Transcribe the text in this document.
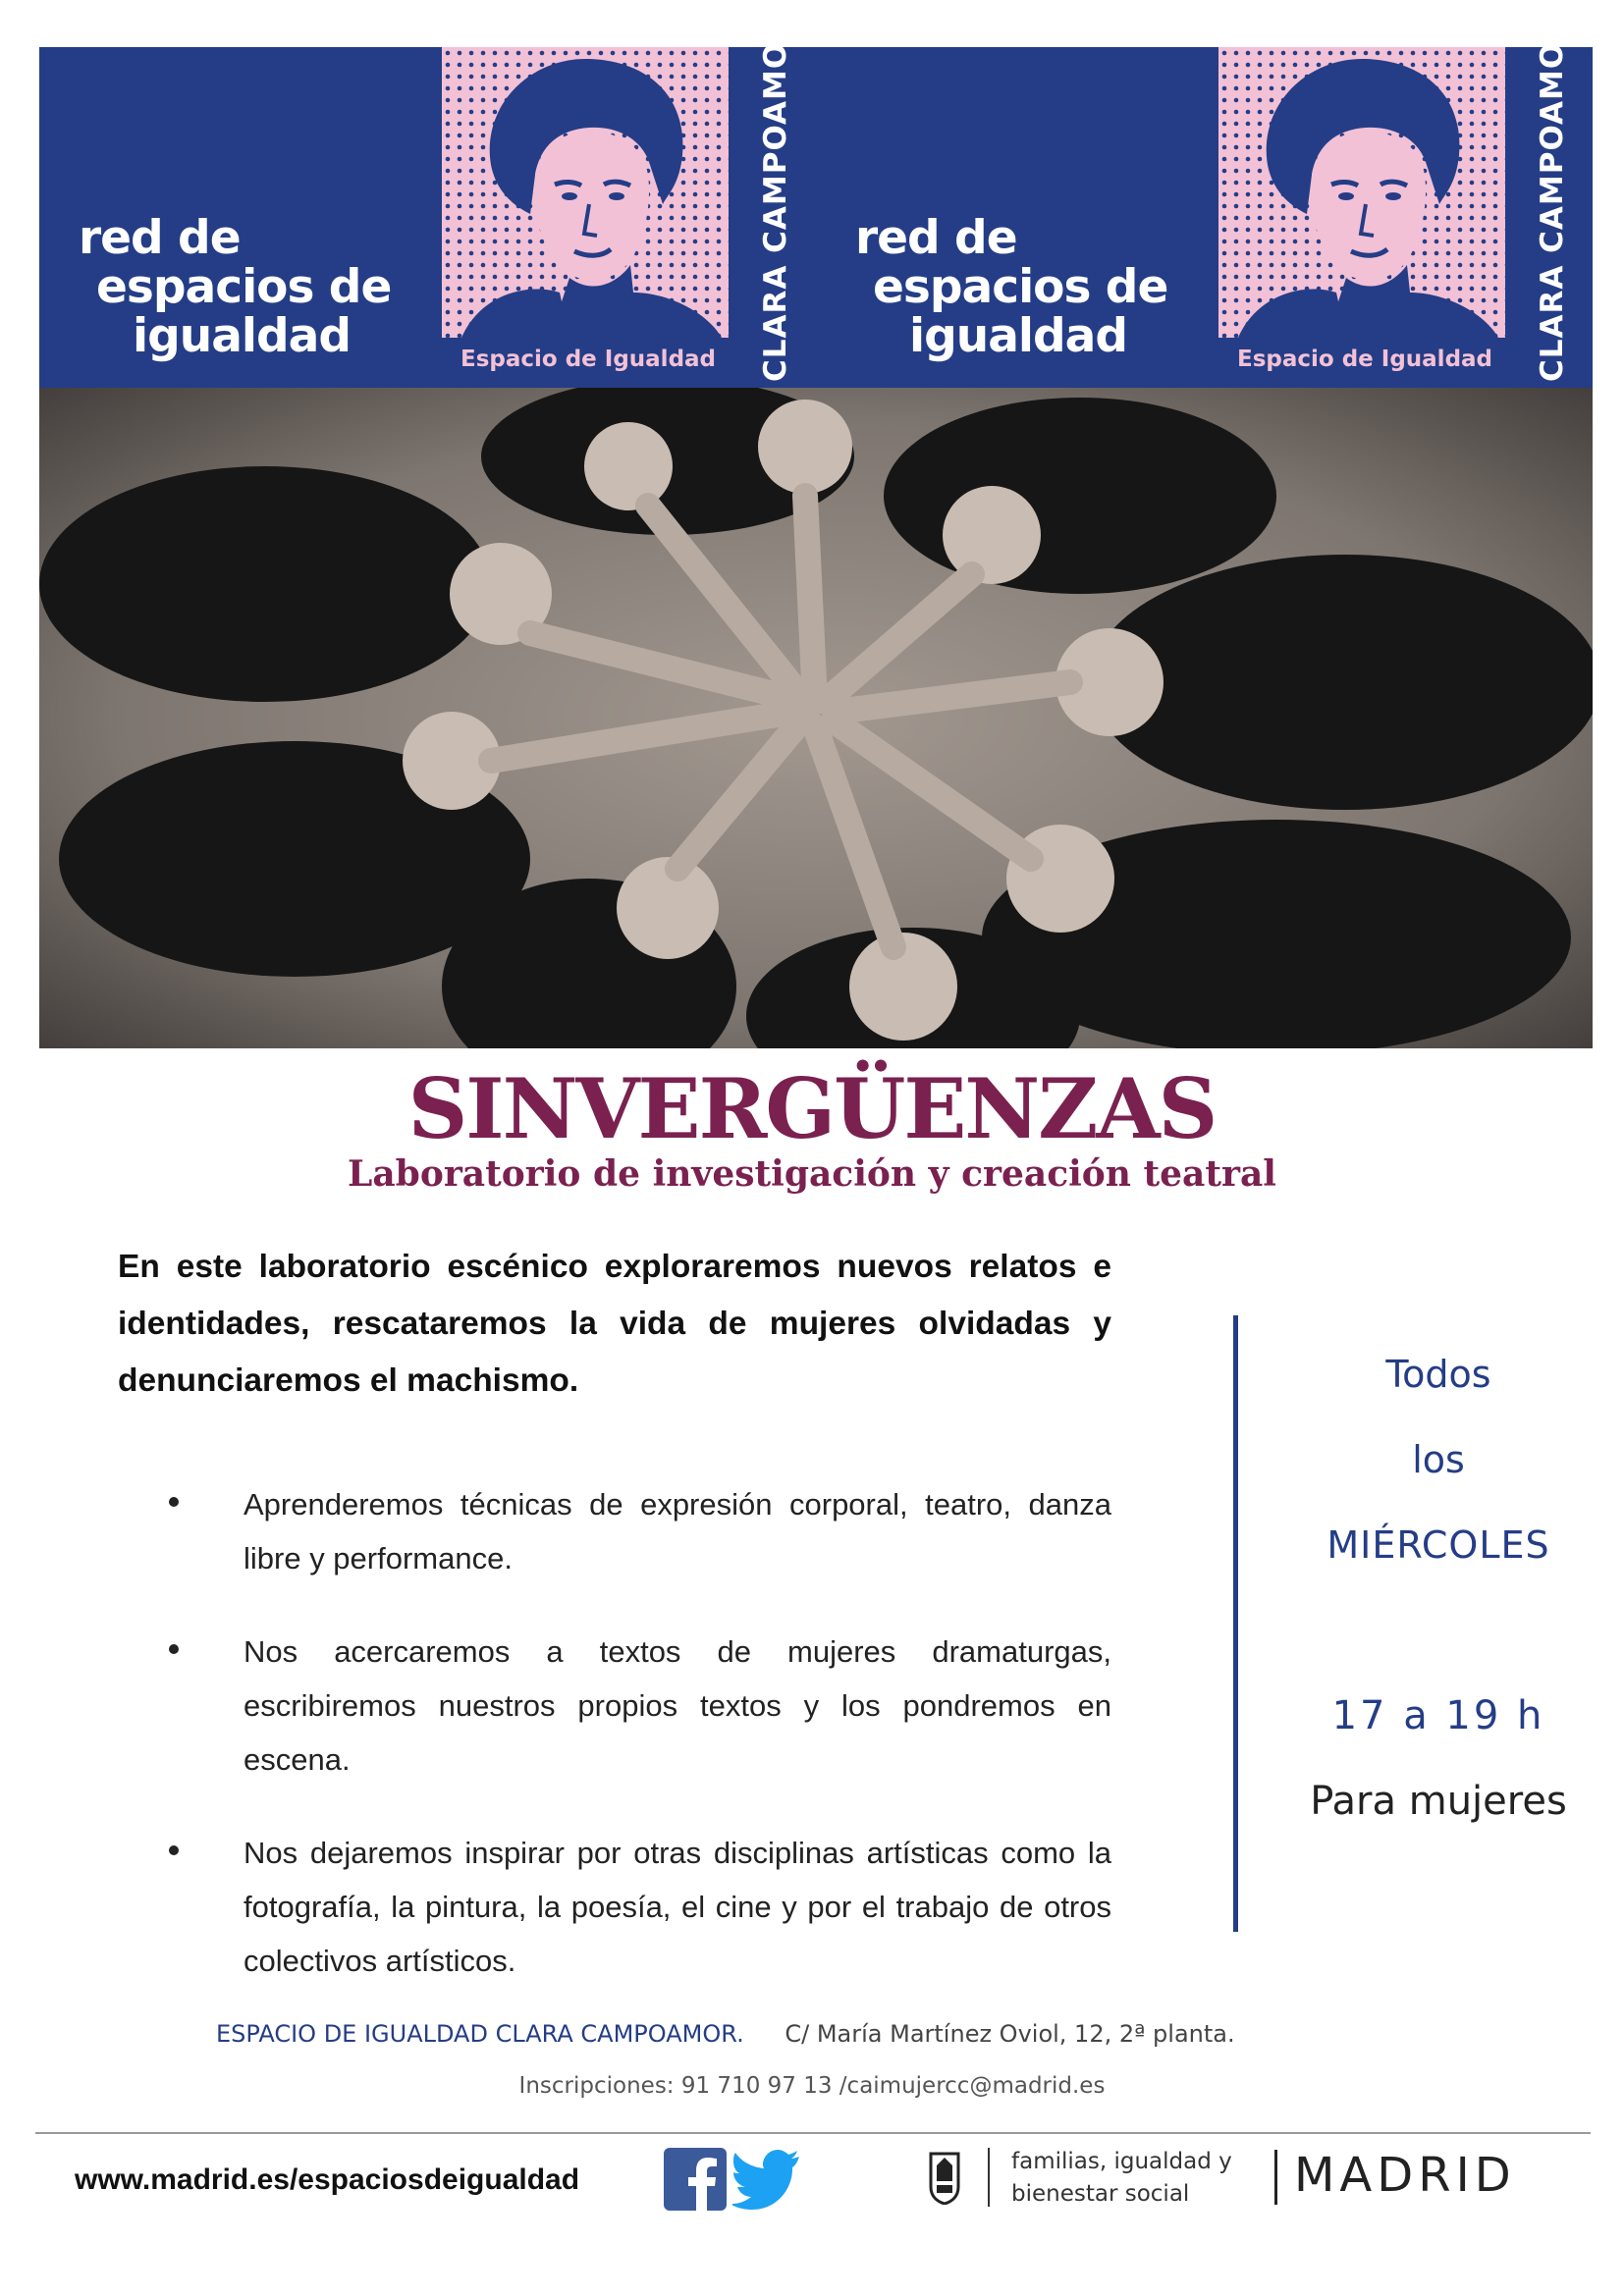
red de
espacios de
igualdad	Espacio de Igualdad	CLARA CAMPOAMOR red de
espacios de
igualdad	Espacio de Igualdad	CLARA CAMPOAMOR
SINVERGÜENZAS
Laboratorio de investigación y creación teatral
En este laboratorio escénico exploraremos nuevos relatos e identidades, rescataremos la vida de mujeres olvidadas y denunciaremos el machismo.
Aprenderemos técnicas de expresión corporal, teatro, danza libre y performance.
Nos acercaremos a textos de mujeres dramaturgas, escribiremos nuestros propios textos y los pondremos en escena.
Nos dejaremos inspirar por otras disciplinas artísticas como la fotografía, la pintura, la poesía, el cine y por el trabajo de otros colectivos artísticos.
Todos
los
MIÉRCOLES
17 a 19 h
Para mujeres
ESPACIO DE IGUALDAD CLARA CAMPOAMOR. C/ María Martínez Oviol, 12, 2ª planta.
Inscripciones: 91 710 97 13 /caimujercc@madrid.es
www.madrid.es/espaciosdeigualdad
familias, igualdad y
bienestar social	MADRID
